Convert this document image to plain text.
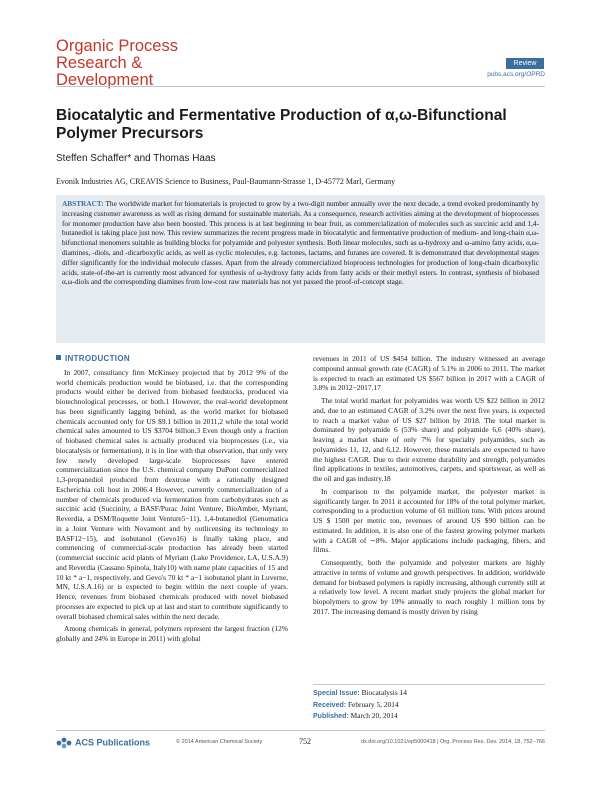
Organic Process
Research &
Development
Review
pubs.acs.org/OPRD
Biocatalytic and Fermentative Production of α,ω-Bifunctional Polymer Precursors
Steffen Schaffer* and Thomas Haas
Evonik Industries AG, CREAVIS Science to Business, Paul-Baumann-Strasse 1, D-45772 Marl, Germany
ABSTRACT: The worldwide market for biomaterials is projected to grow by a two-digit number annually over the next decade, a trend evoked predominantly by increasing customer awareness as well as rising demand for sustainable materials. As a consequence, research activities aiming at the development of bioprocesses for monomer production have also been boosted. This process is at last beginning to bear fruit, as commercialization of molecules such as succinic acid and 1,4-butanediol is taking place just now. This review summarizes the recent progress made in biocatalytic and fermentative production of medium- and long-chain α,ω-bifunctional monomers suitable as building blocks for polyamide and polyester synthesis. Both linear molecules, such as ω-hydroxy and ω-amino fatty acids, α,ω-diamines, -diols, and -dicarboxylic acids, as well as cyclic molecules, e.g. lactones, lactams, and furanes are covered. It is demonstrated that developmental stages differ significantly for the individual molecule classes. Apart from the already commercialized bioprocess technologies for production of long-chain dicarboxylic acids, state-of-the-art is currently most advanced for synthesis of ω-hydroxy fatty acids from fatty acids or their methyl esters. In contrast, synthesis of biobased α,ω-diols and the corresponding diamines from low-cost raw materials has not yet passed the proof-of-concept stage.
INTRODUCTION

In 2007, consultancy firm McKinsey projected that by 2012 9% of the world chemicals production would be biobased, i.e. that the corresponding products would either be derived from biobased feedstocks, produced via biotechnological processes, or both.1 However, the real-world development has been significantly lagging behind, as the world market for biobased chemicals accounted only for US $9.1 billion in 2011,2 while the total world chemical sales amounted to US $3704 billion.3 Even though only a fraction of biobased chemical sales is actually produced via bioprocesses (i.e., via biocatalysis or fermentation), it is in line with that observation, that only very few newly developed large-scale bioprocesses have entered commercialization since the U.S. chemical company DuPont commercialized 1,3-propanediol produced from dextrose with a rationally designed Escherichia coli host in 2006.4 However, currently commercialization of a number of chemicals produced via fermentation from carbohydrates such as succinic acid (Succinity, a BASF/Purac Joint Venture, BioAmber, Myriant, Reverdia, a DSM/Roquette Joint Venture5−11), 1,4-butanediol (Genomatica in a Joint Venture with Novamont and by outlicensing its technology to BASF12−15), and isobutanol (Gevo16) is finally taking place, and commencing of commercial-scale production has already been started (commercial succinic acid plants of Myriant (Lake Providence, LA, U.S.A.9) and Reverdia (Cassano Spinola, Italy10) with name plate capacities of 15 and 10 kt * a−1, respectively, and Gevo's 70 kt * a−1 isobutanol plant in Luverne, MN, U.S.A.16) or is expected to begin within the next couple of years. Hence, revenues from biobased chemicals produced with novel biobased processes are expected to pick up at last and start to contribute significantly to overall biobased chemical sales within the next decade.

Among chemicals in general, polymers represent the largest fraction (12% globally and 24% in Europe in 2011) with global

revenues in 2011 of US $454 billion. The industry witnessed an average compound annual growth rate (CAGR) of 5.1% in 2006 to 2011. The market is expected to reach an estimated US $567 billion in 2017 with a CAGR of 3.8% in 2012−2017.17

The total world market for polyamides was worth US $22 billion in 2012 and, due to an estimated CAGR of 3.2% over the next five years, is expected to reach a market value of US $27 billion by 2018. The total market is dominated by polyamide 6 (53% share) and polyamide 6,6 (40% share), leaving a market share of only 7% for specialty polyamides, such as polyamides 11, 12, and 6,12. However, these materials are expected to have the highest CAGR. Due to their extreme durability and strength, polyamides find applications in textiles, automotives, carpets, and sportswear, as well as the oil and gas industry.18

In comparison to the polyamide market, the polyester market is significantly larger. In 2011 it accounted for 18% of the total polymer market, corresponding to a production volume of 61 million tons. With prices around US $ 1500 per metric ton, revenues of around US $90 billion can be estimated. In addition, it is also one of the fastest growing polymer markets with a CAGR of ∼8%. Major applications include packaging, fibers, and films.

Consequently, both the polyamide and polyester markets are highly attractive in terms of volume and growth perspectives. In addition, worldwide demand for biobased polymers is rapidly increasing, although currently still at a relatively low level. A recent market study projects the global market for biopolymers to grow by 19% annually to reach roughly 1 million tons by 2017. The increasing demand is mostly driven by rising

Special Issue: Biocatalysis 14
Received: February 5, 2014
Published: March 20, 2014
ACS Publications	© 2014 American Chemical Society	752	dx.doi.org/10.1021/op5000418 | Org. Process Res. Dev. 2014, 18, 752−766
